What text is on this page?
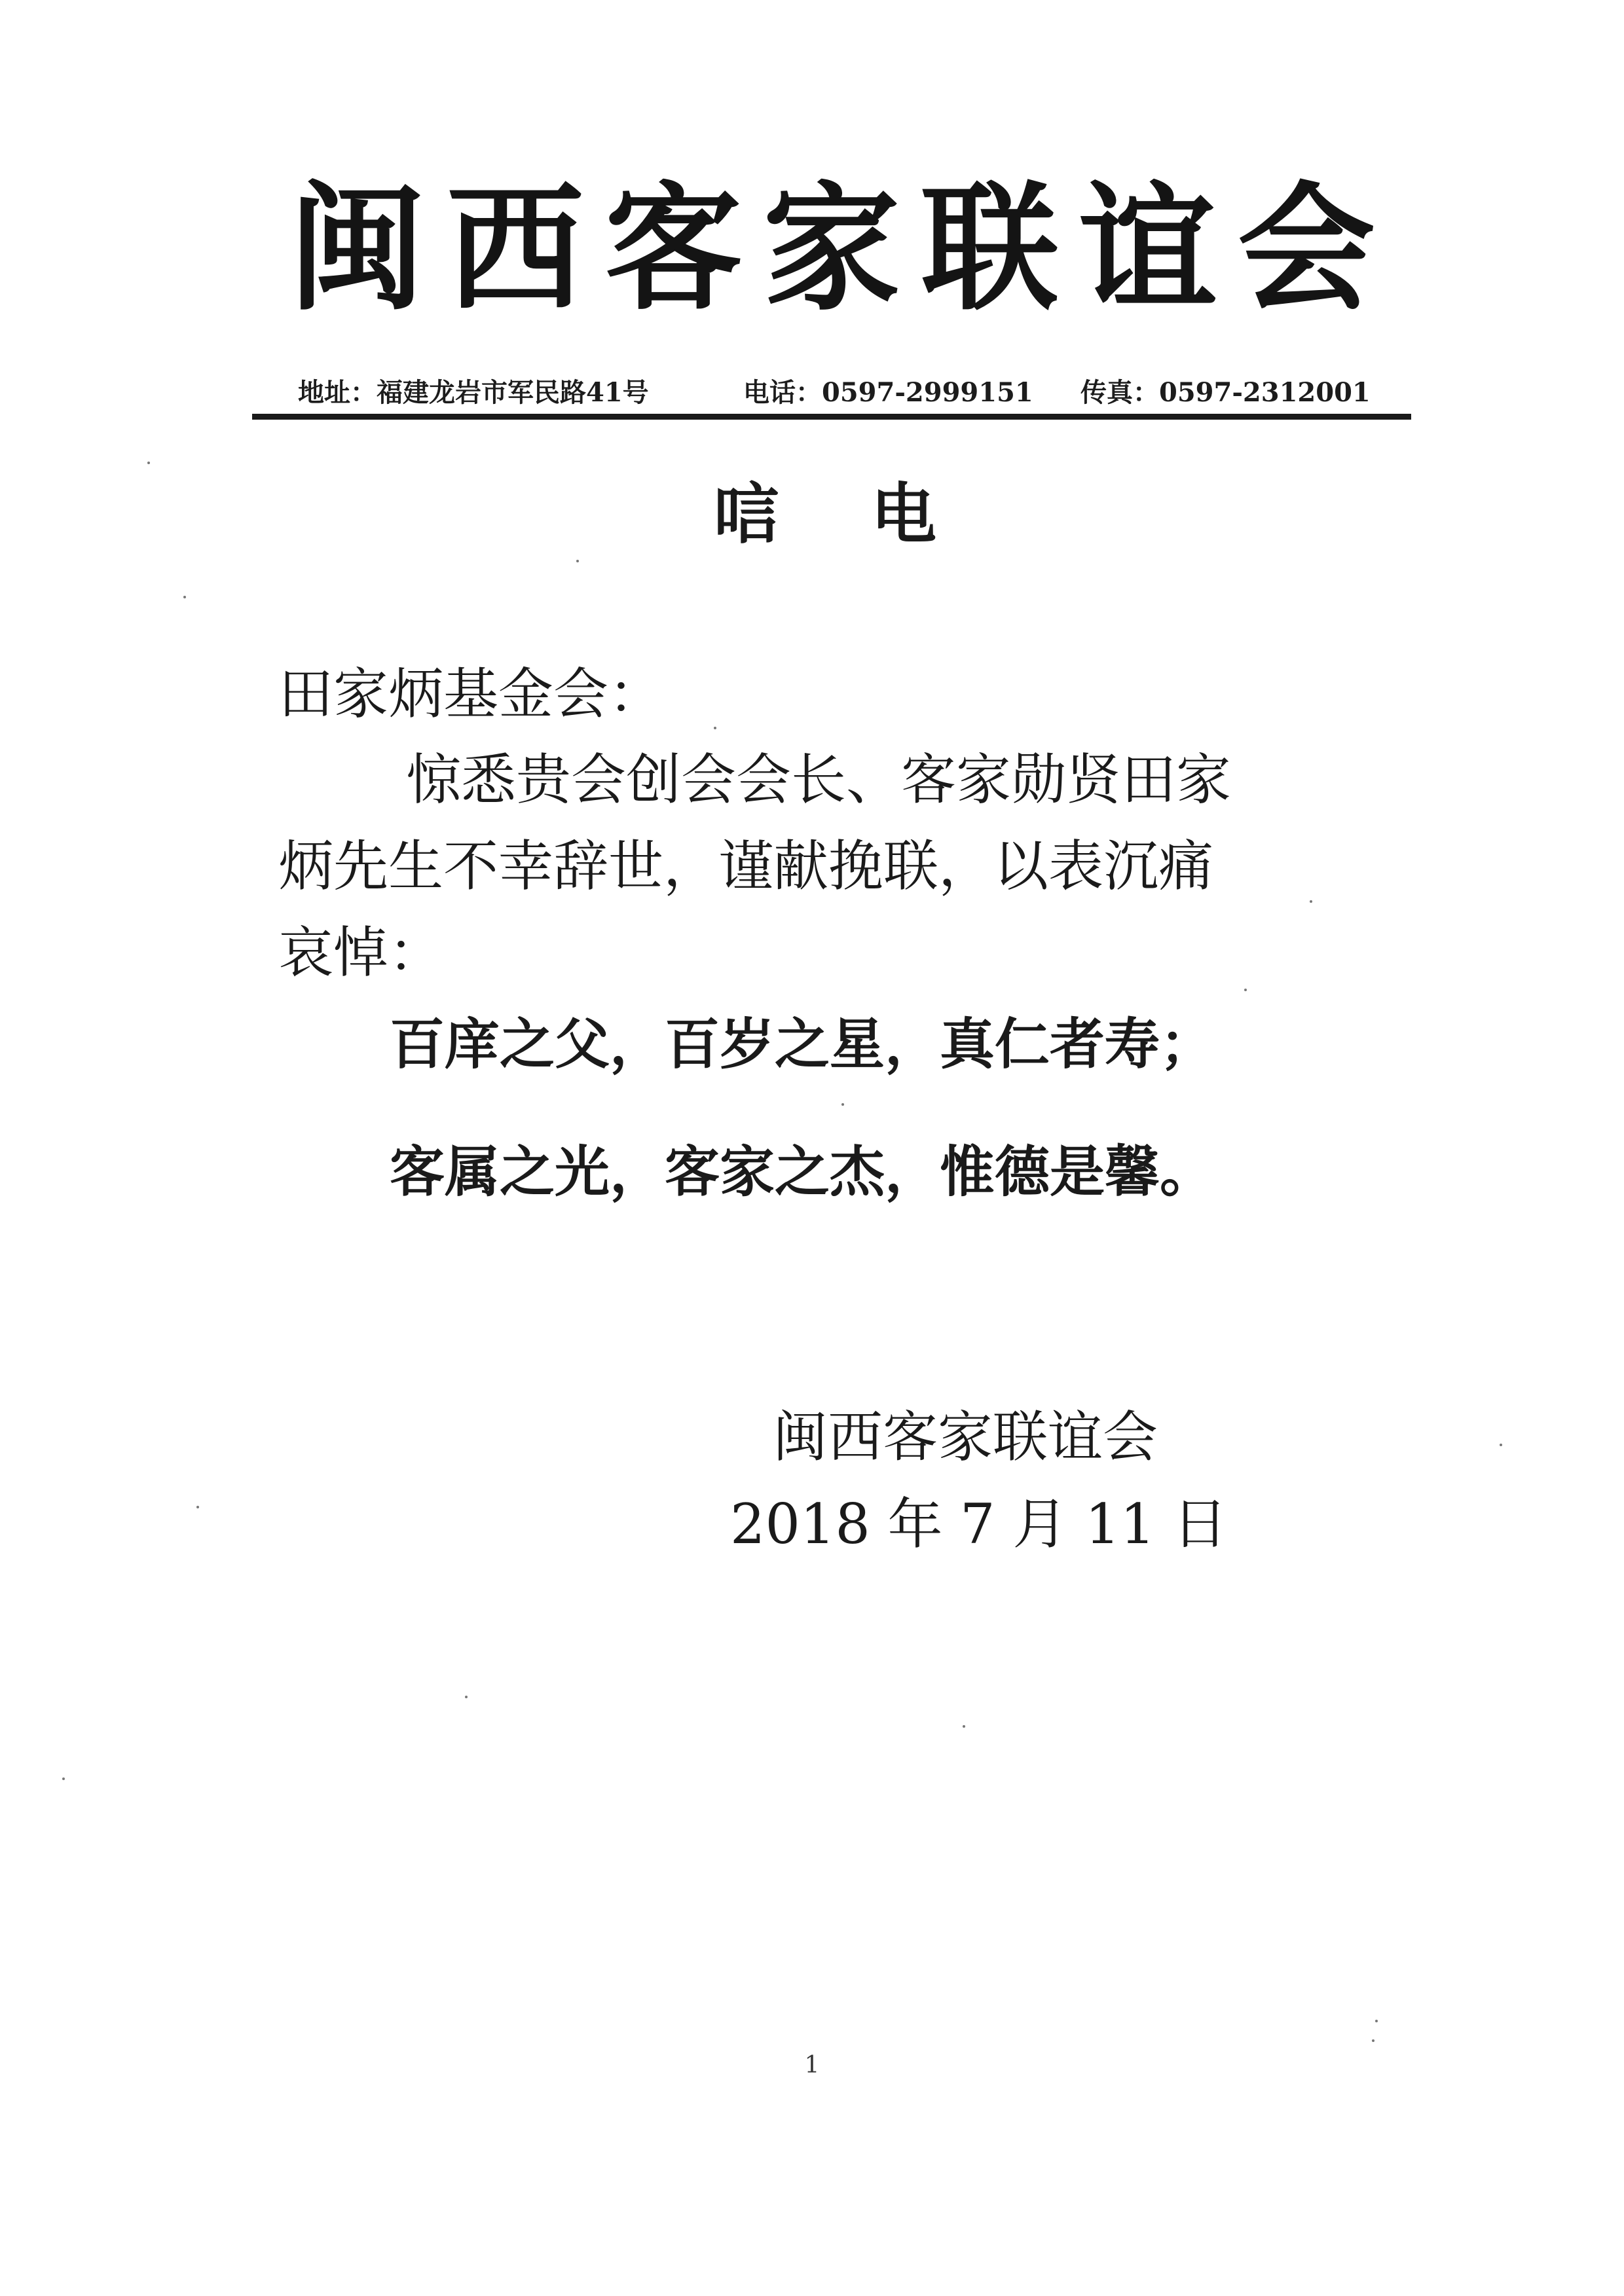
闽 西 客 家 联 谊 会
地址：福建龙岩市军民路41号	电话：0597-2999151 传真：0597-2312001
唁 电
田家炳基金会：
惊悉贵会创会会长、客家勋贤田家
炳先生不幸辞世，谨献挽联，以表沉痛
哀悼：
百庠之父，百岁之星，真仁者寿；
客属之光，客家之杰，惟德是馨。
闽西客家联谊会
2018 年 7 月 11 日
1
